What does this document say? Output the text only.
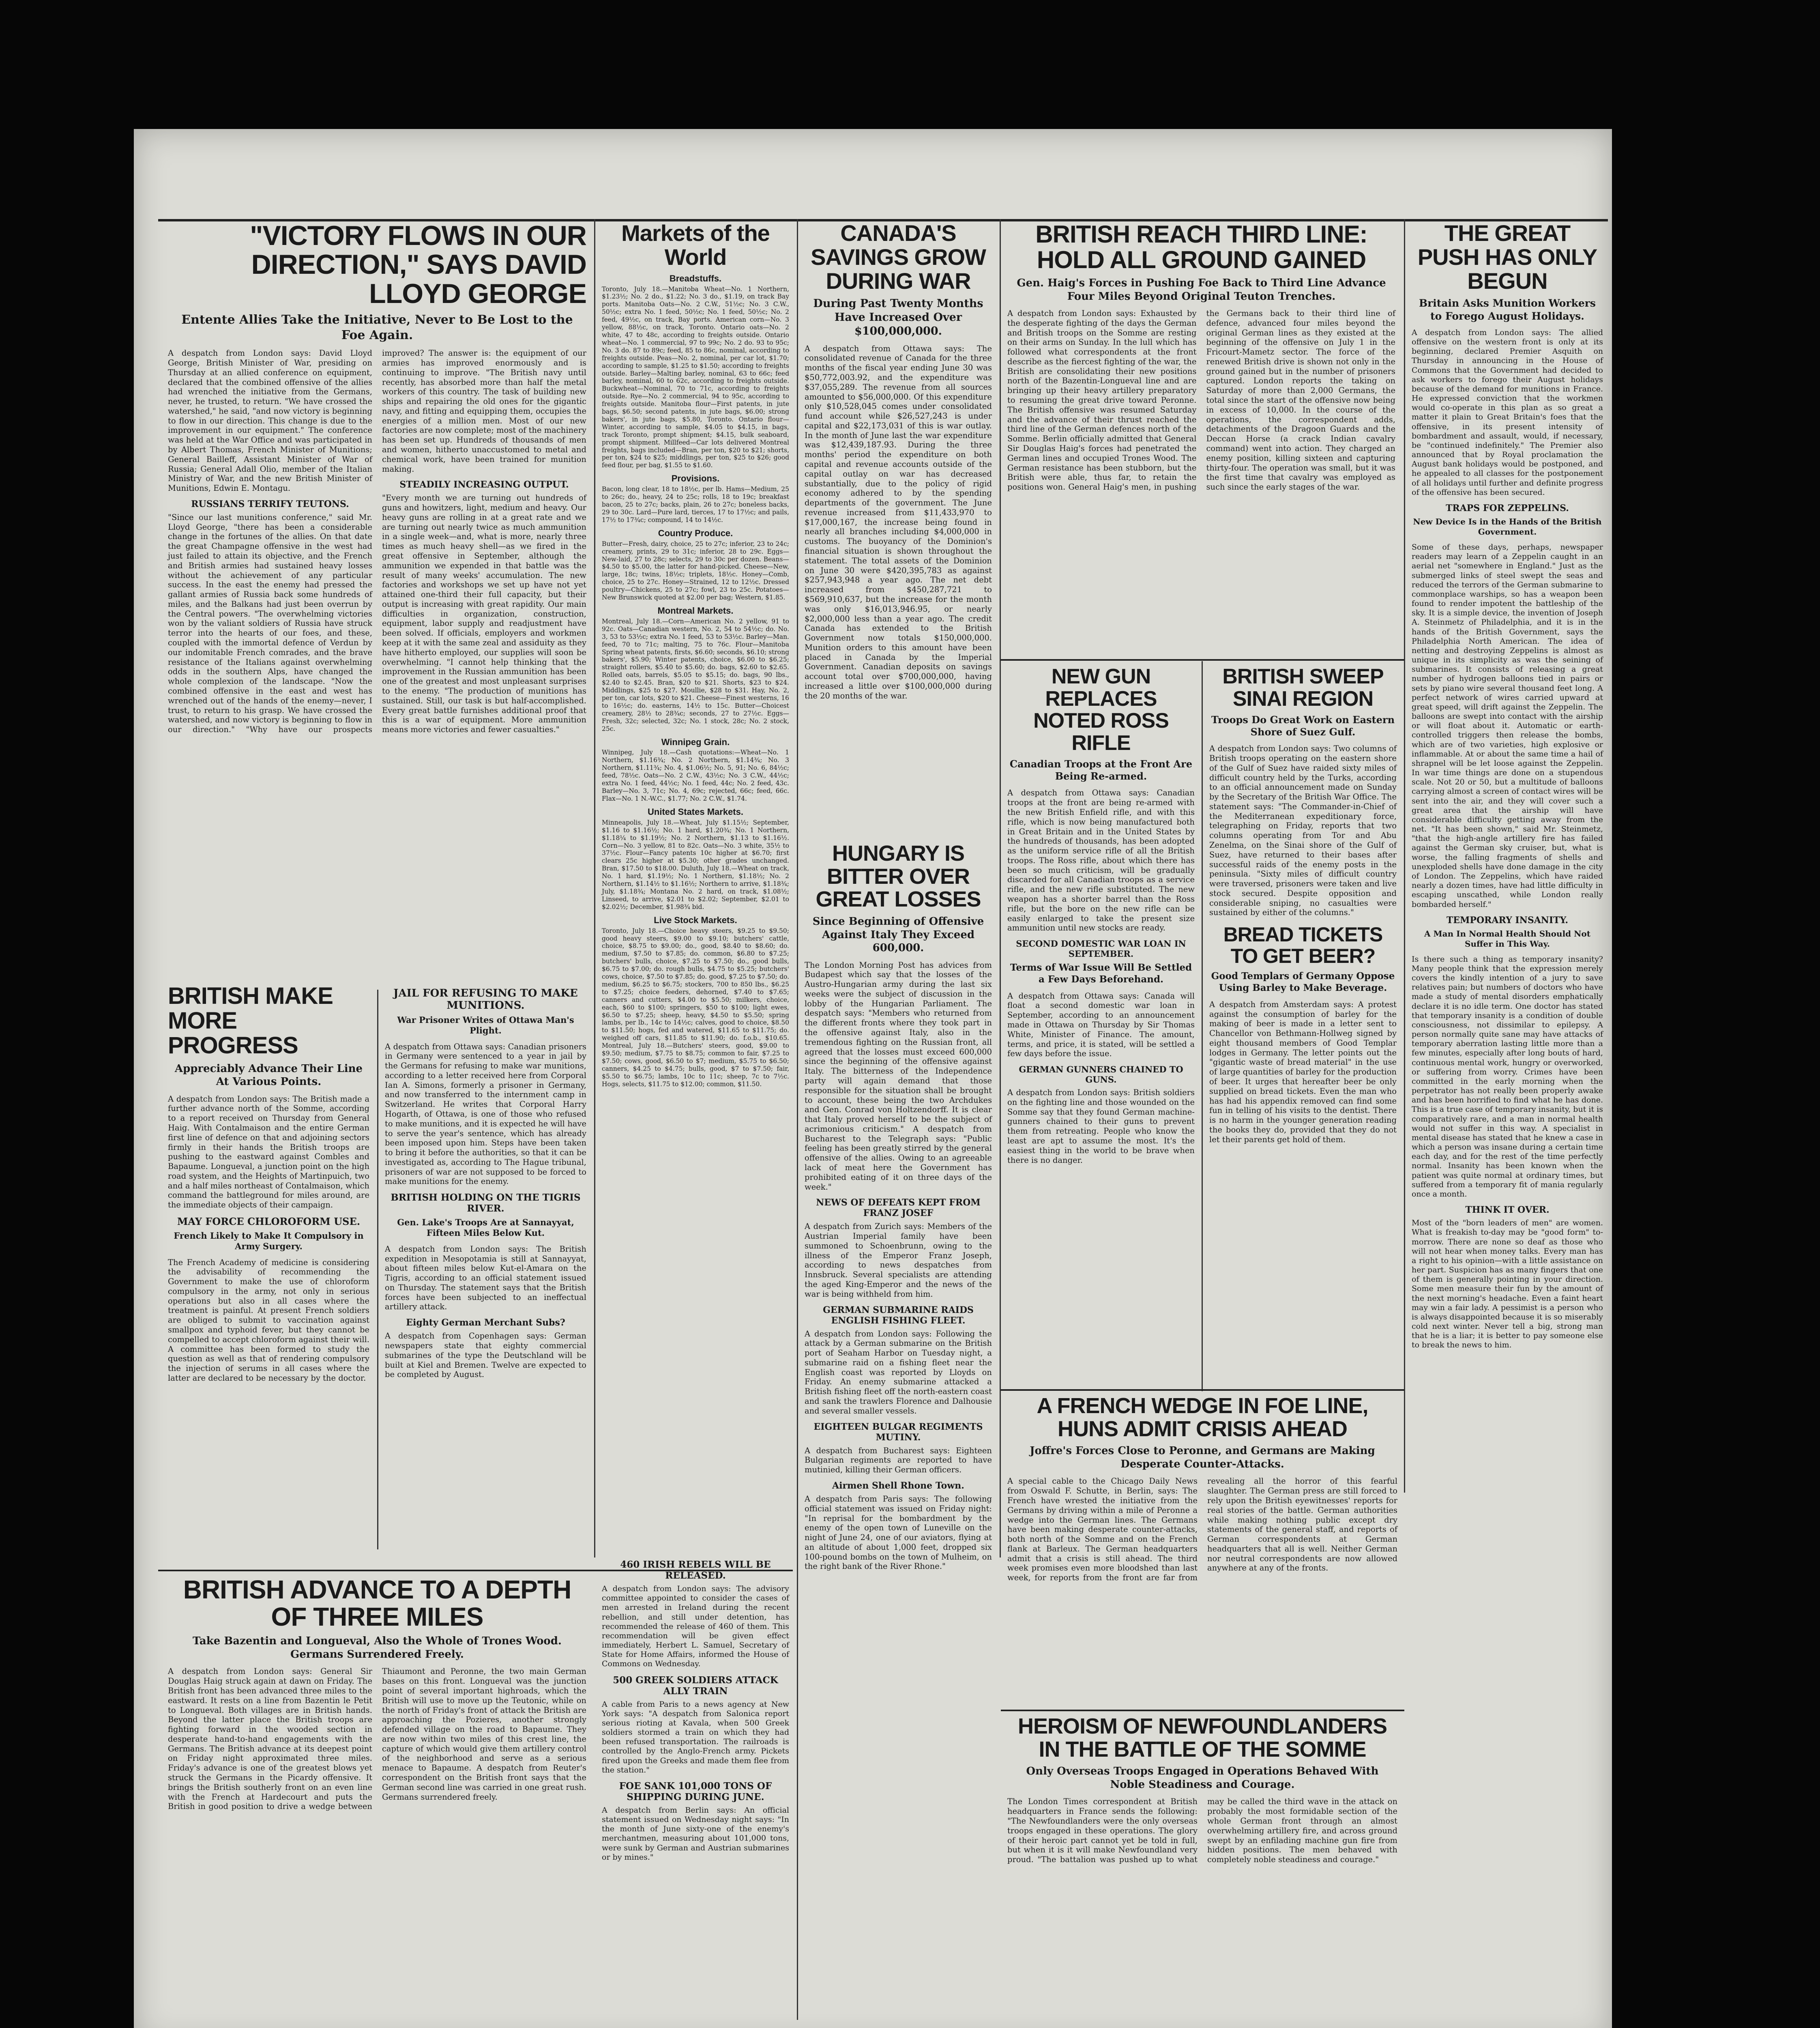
"VICTORY FLOWS IN OUR DIRECTION," SAYS DAVID LLOYD GEORGE
Entente Allies Take the Initiative, Never to Be Lost to the Foe Again.

A despatch from London says: David Lloyd George, British Minister of War, presiding on Thursday at an allied conference on equipment, declared that the combined offensive of the allies had wrenched the initiative from the Germans, never, he trusted, to return. "We have crossed the watershed," he said, "and now victory is beginning to flow in our direction. This change is due to the improvement in our equipment." The conference was held at the War Office and was participated in by Albert Thomas, French Minister of Munitions; General Bailleff, Assistant Minister of War of Russia; General Adall Olio, member of the Italian Ministry of War, and the new British Minister of Munitions, Edwin E. Montagu.

RUSSIANS TERRIFY TEUTONS.

"Since our last munitions conference," said Mr. Lloyd George, "there has been a considerable change in the fortunes of the allies. On that date the great Champagne offensive in the west had just failed to attain its objective, and the French and British armies had sustained heavy losses without the achievement of any particular success. In the east the enemy had pressed the gallant armies of Russia back some hundreds of miles, and the Balkans had just been overrun by the Central powers. "The overwhelming victories won by the valiant soldiers of Russia have struck terror into the hearts of our foes, and these, coupled with the immortal defence of Verdun by our indomitable French comrades, and the brave resistance of the Italians against overwhelming odds in the southern Alps, have changed the whole complexion of the landscape. "Now the combined offensive in the east and west has wrenched out of the hands of the enemy—never, I trust, to return to his grasp. We have crossed the watershed, and now victory is beginning to flow in our direction." "Why have our prospects improved? The answer is: the equipment of our armies has improved enormously and is continuing to improve. "The British navy until recently, has absorbed more than half the metal workers of this country. The task of building new ships and repairing the old ones for the gigantic navy, and fitting and equipping them, occupies the energies of a million men. Most of our new factories are now complete; most of the machinery has been set up. Hundreds of thousands of men and women, hitherto unaccustomed to metal and chemical work, have been trained for munition making.

STEADILY INCREASING OUTPUT.

"Every month we are turning out hundreds of guns and howitzers, light, medium and heavy. Our heavy guns are rolling in at a great rate and we are turning out nearly twice as much ammunition in a single week—and, what is more, nearly three times as much heavy shell—as we fired in the great offensive in September, although the ammunition we expended in that battle was the result of many weeks' accumulation. The new factories and workshops we set up have not yet attained one-third their full capacity, but their output is increasing with great rapidity. Our main difficulties in organization, construction, equipment, labor supply and readjustment have been solved. If officials, employers and workmen keep at it with the same zeal and assiduity as they have hitherto employed, our supplies will soon be overwhelming. "I cannot help thinking that the improvement in the Russian ammunition has been one of the greatest and most unpleasant surprises to the enemy. "The production of munitions has sustained. Still, our task is but half-accomplished. Every great battle furnishes additional proof that this is a war of equipment. More ammunition means more victories and fewer casualties."

Markets of the World
Breadstuffs.

Toronto, July 18.—Manitoba Wheat—No. 1 Northern, $1.23½; No. 2 do., $1.22; No. 3 do., $1.19, on track Bay ports. Manitoba Oats—No. 2 C.W., 51½c; No. 3 C.W., 50½c; extra No. 1 feed, 50½c; No. 1 feed, 50½c; No. 2 feed, 49½c, on track, Bay ports. American corn—No. 3 yellow, 88½c, on track, Toronto. Ontario oats—No. 2 white, 47 to 48c, according to freights outside. Ontario wheat—No. 1 commercial, 97 to 99c; No. 2 do. 93 to 95c; No. 3 do. 87 to 89c; feed, 85 to 86c, nominal, according to freights outside. Peas—No. 2, nominal, per car lot, $1.70; according to sample, $1.25 to $1.50; according to freights outside. Barley—Malting barley, nominal, 63 to 66c; feed barley, nominal, 60 to 62c, according to freights outside. Buckwheat—Nominal, 70 to 71c, according to freights outside. Rye—No. 2 commercial, 94 to 95c, according to freights outside. Manitoba flour—First patents, in jute bags, $6.50; second patents, in jute bags, $6.00; strong bakers', in jute bags, $5.80, Toronto. Ontario flour—Winter, according to sample, $4.05 to $4.15, in bags, track Toronto, prompt shipment; $4.15, bulk seaboard, prompt shipment. Millfeed—Car lots delivered Montreal freights, bags included—Bran, per ton, $20 to $21; shorts, per ton, $24 to $25; middlings, per ton, $25 to $26; good feed flour, per bag, $1.55 to $1.60.

Provisions.

Bacon, long clear, 18 to 18½c, per lb. Hams—Medium, 25 to 26c; do., heavy, 24 to 25c; rolls, 18 to 19c; breakfast bacon, 25 to 27c; backs, plain, 26 to 27c; boneless backs, 29 to 30c. Lard—Pure lard, tierces, 17 to 17½c; and pails, 17½ to 17¾c; compound, 14 to 14½c.

Country Produce.

Butter—Fresh, dairy, choice, 25 to 27c; inferior, 23 to 24c; creamery, prints, 29 to 31c; inferior, 28 to 29c. Eggs—New-laid, 27 to 28c; selects, 29 to 30c per dozen. Beans—$4.50 to $5.00, the latter for hand-picked. Cheese—New, large, 18c; twins, 18½c; triplets, 18½c. Honey—Comb, choice, 25 to 27c. Honey—Strained, 12 to 12½c. Dressed poultry—Chickens, 25 to 27c; fowl, 23 to 25c. Potatoes—New Brunswick quoted at $2.00 per bag; Western, $1.85.

Montreal Markets.

Montreal, July 18.—Corn—American No. 2 yellow, 91 to 92c. Oats—Canadian western, No. 2, 54 to 54½c; do. No. 3, 53 to 53½c; extra No. 1 feed, 53 to 53½c. Barley—Man. feed, 70 to 71c; malting, 75 to 76c. Flour—Manitoba Spring wheat patents, firsts, $6.60; seconds, $6.10; strong bakers', $5.90; Winter patents, choice, $6.00 to $6.25; straight rollers, $5.40 to $5.60; do. bags, $2.60 to $2.65. Rolled oats, barrels, $5.05 to $5.15; do. bags, 90 lbs., $2.40 to $2.45. Bran, $20 to $21. Shorts, $23 to $24. Middlings, $25 to $27. Moullie, $28 to $31. Hay, No. 2, per ton, car lots, $20 to $21. Cheese—Finest westerns, 16 to 16½c; do. easterns, 14½ to 15c. Butter—Choicest creamery, 28½ to 28¾c; seconds, 27 to 27½c. Eggs—Fresh, 32c; selected, 32c; No. 1 stock, 28c; No. 2 stock, 25c.

Winnipeg Grain.

Winnipeg, July 18.—Cash quotations:—Wheat—No. 1 Northern, $1.16¾; No. 2 Northern, $1.14¾; No. 3 Northern, $1.11¾; No. 4, $1.06½; No. 5, 91; No. 6, 84½c; feed, 78½c. Oats—No. 2 C.W., 43½c; No. 3 C.W., 44½c; extra No. 1 feed, 44½c; No. 1 feed, 44c; No. 2 feed, 43c. Barley—No. 3, 71c; No. 4, 69c; rejected, 66c; feed, 66c. Flax—No. 1 N.-W.C., $1.77; No. 2 C.W., $1.74.

United States Markets.

Minneapolis, July 18.—Wheat, July $1.15½; September, $1.16 to $1.16½; No. 1 hard, $1.20¾; No. 1 Northern, $1.18¼ to $1.19½; No. 2 Northern, $1.13 to $1.16½. Corn—No. 3 yellow, 81 to 82c. Oats—No. 3 white, 35½ to 37½c. Flour—Fancy patents 10c higher at $6.70; first clears 25c higher at $5.30; other grades unchanged. Bran, $17.50 to $18.00. Duluth, July 18.—Wheat on track, No. 1 hard, $1.19½; No. 1 Northern, $1.18½; No. 2 Northern, $1.14½ to $1.16½; Northern to arrive, $1.18¾; July, $1.18¾; Montana No. 2 hard, on track, $1.08½; Linseed, to arrive, $2.01 to $2.02; September, $2.01 to $2.02½; December, $1.98¾ bid.

Live Stock Markets.

Toronto, July 18.—Choice heavy steers, $9.25 to $9.50; good heavy steers, $9.00 to $9.10; butchers' cattle, choice, $8.75 to $9.00; do., good, $8.40 to $8.60; do. medium, $7.50 to $7.85; do. common, $6.80 to $7.25; butchers' bulls, choice, $7.25 to $7.50; do., good bulls, $6.75 to $7.00; do. rough bulls, $4.75 to $5.25; butchers' cows, choice, $7.50 to $7.85; do. good, $7.25 to $7.50; do. medium, $6.25 to $6.75; stockers, 700 to 850 lbs., $6.25 to $7.25; choice feeders, dehorned, $7.40 to $7.65; canners and cutters, $4.00 to $5.50; milkers, choice, each, $60 to $100; springers, $50 to $100; light ewes, $6.50 to $7.25; sheep, heavy, $4.50 to $5.50; spring lambs, per lb., 14c to 14½c; calves, good to choice, $8.50 to $11.50; hogs, fed and watered, $11.65 to $11.75; do. weighed off cars, $11.85 to $11.90; do. f.o.b., $10.65. Montreal, July 18.—Butchers' steers, good, $9.00 to $9.50; medium, $7.75 to $8.75; common to fair, $7.25 to $7.50; cows, good, $6.50 to $7; medium, $5.75 to $6.50; canners, $4.25 to $4.75; bulls, good, $7 to $7.50; fair, $5.50 to $6.75; lambs, 10c to 11c; sheep, 7c to 7½c. Hogs, selects, $11.75 to $12.00; common, $11.50.

CANADA'S SAVINGS GROW DURING WAR
During Past Twenty Months Have Increased Over $100,000,000.

A despatch from Ottawa says: The consolidated revenue of Canada for the three months of the fiscal year ending June 30 was $50,772,003.92, and the expenditure was $37,055,289. The revenue from all sources amounted to $56,000,000. Of this expenditure only $10,528,045 comes under consolidated fund account while $26,527,243 is under capital and $22,173,031 of this is war outlay. In the month of June last the war expenditure was $12,439,187.93. During the three months' period the expenditure on both capital and revenue accounts outside of the capital outlay on war has decreased substantially, due to the policy of rigid economy adhered to by the spending departments of the government. The June revenue increased from $11,433,970 to $17,000,167, the increase being found in nearly all branches including $4,000,000 in customs. The buoyancy of the Dominion's financial situation is shown throughout the statement. The total assets of the Dominion on June 30 were $420,395,783 as against $257,943,948 a year ago. The net debt increased from $450,287,721 to $569,910,637, but the increase for the month was only $16,013,946.95, or nearly $2,000,000 less than a year ago. The credit Canada has extended to the British Government now totals $150,000,000. Munition orders to this amount have been placed in Canada by the Imperial Government. Canadian deposits on savings account total over $700,000,000, having increased a little over $100,000,000 during the 20 months of the war.

BRITISH REACH THIRD LINE: HOLD ALL GROUND GAINED
Gen. Haig's Forces in Pushing Foe Back to Third Line Advance Four Miles Beyond Original Teuton Trenches.

A despatch from London says: Exhausted by the desperate fighting of the days the German and British troops on the Somme are resting on their arms on Sunday. In the lull which has followed what correspondents at the front describe as the fiercest fighting of the war, the British are consolidating their new positions north of the Bazentin-Longueval line and are bringing up their heavy artillery preparatory to resuming the great drive toward Peronne. The British offensive was resumed Saturday and the advance of their thrust reached the third line of the German defences north of the Somme. Berlin officially admitted that General Sir Douglas Haig's forces had penetrated the German lines and occupied Trones Wood. The German resistance has been stubborn, but the British were able, thus far, to retain the positions won. General Haig's men, in pushing the Germans back to their third line of defence, advanced four miles beyond the original German lines as they existed at the beginning of the offensive on July 1 in the Fricourt-Mametz sector. The force of the renewed British drive is shown not only in the ground gained but in the number of prisoners captured. London reports the taking on Saturday of more than 2,000 Germans, the total since the start of the offensive now being in excess of 10,000. In the course of the operations, the correspondent adds, detachments of the Dragoon Guards and the Deccan Horse (a crack Indian cavalry command) went into action. They charged an enemy position, killing sixteen and capturing thirty-four. The operation was small, but it was the first time that cavalry was employed as such since the early stages of the war.

THE GREAT PUSH HAS ONLY BEGUN
Britain Asks Munition Workers to Forego August Holidays.

A despatch from London says: The allied offensive on the western front is only at its beginning, declared Premier Asquith on Thursday in announcing in the House of Commons that the Government had decided to ask workers to forego their August holidays because of the demand for munitions in France. He expressed conviction that the workmen would co-operate in this plan as so great a matter it plain to Great Britain's foes that the offensive, in its present intensity of bombardment and assault, would, if necessary, be "continued indefinitely." The Premier also announced that by Royal proclamation the August bank holidays would be postponed, and he appealed to all classes for the postponement of all holidays until further and definite progress of the offensive has been secured.

TRAPS FOR ZEPPELINS.
New Device Is in the Hands of the British Government.

Some of these days, perhaps, newspaper readers may learn of a Zeppelin caught in an aerial net "somewhere in England." Just as the submerged links of steel swept the seas and reduced the terrors of the German submarine to commonplace warships, so has a weapon been found to render impotent the battleship of the sky. It is a simple device, the invention of Joseph A. Steinmetz of Philadelphia, and it is in the hands of the British Government, says the Philadelphia North American. The idea of netting and destroying Zeppelins is almost as unique in its simplicity as was the seining of submarines. It consists of releasing a great number of hydrogen balloons tied in pairs or sets by piano wire several thousand feet long. A perfect network of wires carried upward at great speed, will drift against the Zeppelin. The balloons are swept into contact with the airship or will float about it. Automatic or earth-controlled triggers then release the bombs, which are of two varieties, high explosive or inflammable. At or about the same time a hail of shrapnel will be let loose against the Zeppelin. In war time things are done on a stupendous scale. Not 20 or 50, but a multitude of balloons carrying almost a screen of contact wires will be sent into the air, and they will cover such a great area that the airship will have considerable difficulty getting away from the net. "It has been shown," said Mr. Steinmetz, "that the high-angle artillery fire has failed against the German sky cruiser, but, what is worse, the falling fragments of shells and unexploded shells have done damage in the city of London. The Zeppelins, which have raided nearly a dozen times, have had little difficulty in escaping unscathed, while London really bombarded herself."

TEMPORARY INSANITY.
A Man In Normal Health Should Not Suffer in This Way.

Is there such a thing as temporary insanity? Many people think that the expression merely covers the kindly intention of a jury to save relatives pain; but numbers of doctors who have made a study of mental disorders emphatically declare it is no idle term. One doctor has stated that temporary insanity is a condition of double consciousness, not dissimilar to epilepsy. A person normally quite sane may have attacks of temporary aberration lasting little more than a few minutes, especially after long bouts of hard, continuous mental work, hungry or overworked, or suffering from worry. Crimes have been committed in the early morning when the perpetrator has not really been properly awake and has been horrified to find what he has done. This is a true case of temporary insanity, but it is comparatively rare, and a man in normal health would not suffer in this way. A specialist in mental disease has stated that he knew a case in which a person was insane during a certain time each day, and for the rest of the time perfectly normal. Insanity has been known when the patient was quite normal at ordinary times, but suffered from a temporary fit of mania regularly once a month.

THINK IT OVER.

Most of the "born leaders of men" are women. What is freakish to-day may be "good form" to-morrow. There are none so deaf as those who will not hear when money talks. Every man has a right to his opinion—with a little assistance on her part. Suspicion has as many fingers that one of them is generally pointing in your direction. Some men measure their fun by the amount of the next morning's headache. Even a faint heart may win a fair lady. A pessimist is a person who is always disappointed because it is so miserably cold next winter. Never tell a big, strong man that he is a liar; it is better to pay someone else to break the news to him.

BRITISH MAKE MORE PROGRESS
Appreciably Advance Their Line At Various Points.

A despatch from London says: The British made a further advance north of the Somme, according to a report received on Thursday from General Haig. With Contalmaison and the entire German first line of defence on that and adjoining sectors firmly in their hands the British troops are pushing to the eastward against Combles and Bapaume. Longueval, a junction point on the high road system, and the Heights of Martinpuich, two and a half miles northeast of Contalmaison, which command the battleground for miles around, are the immediate objects of their campaign.

MAY FORCE CHLOROFORM USE.
French Likely to Make It Compulsory in Army Surgery.

The French Academy of medicine is considering the advisability of recommending the Government to make the use of chloroform compulsory in the army, not only in serious operations but also in all cases where the treatment is painful. At present French soldiers are obliged to submit to vaccination against smallpox and typhoid fever, but they cannot be compelled to accept chloroform against their will. A committee has been formed to study the question as well as that of rendering compulsory the injection of serums in all cases where the latter are declared to be necessary by the doctor.

JAIL FOR REFUSING TO MAKE MUNITIONS.
War Prisoner Writes of Ottawa Man's Plight.

A despatch from Ottawa says: Canadian prisoners in Germany were sentenced to a year in jail by the Germans for refusing to make war munitions, according to a letter received here from Corporal Ian A. Simons, formerly a prisoner in Germany, and now transferred to the internment camp in Switzerland. He writes that Corporal Harry Hogarth, of Ottawa, is one of those who refused to make munitions, and it is expected he will have to serve the year's sentence, which has already been imposed upon him. Steps have been taken to bring it before the authorities, so that it can be investigated as, according to The Hague tribunal, prisoners of war are not supposed to be forced to make munitions for the enemy.

BRITISH HOLDING ON THE TIGRIS RIVER.
Gen. Lake's Troops Are at Sannayyat, Fifteen Miles Below Kut.

A despatch from London says: The British expedition in Mesopotamia is still at Sannayyat, about fifteen miles below Kut-el-Amara on the Tigris, according to an official statement issued on Thursday. The statement says that the British forces have been subjected to an ineffectual artillery attack.

Eighty German Merchant Subs?

A despatch from Copenhagen says: German newspapers state that eighty commercial submarines of the type the Deutschland will be built at Kiel and Bremen. Twelve are expected to be completed by August.

BRITISH ADVANCE TO A DEPTH OF THREE MILES
Take Bazentin and Longueval, Also the Whole of Trones Wood. Germans Surrendered Freely.

A despatch from London says: General Sir Douglas Haig struck again at dawn on Friday. The British front has been advanced three miles to the eastward. It rests on a line from Bazentin le Petit to Longueval. Both villages are in British hands. Beyond the latter place the British troops are fighting forward in the wooded section in desperate hand-to-hand engagements with the Germans. The British advance at its deepest point on Friday night approximated three miles. Friday's advance is one of the greatest blows yet struck the Germans in the Picardy offensive. It brings the British southerly front on an even line with the French at Hardecourt and puts the British in good position to drive a wedge between Thiaumont and Peronne, the two main German bases on this front. Longueval was the junction point of several important highroads, which the British will use to move up the Teutonic, while on the north of Friday's front of attack the British are approaching the Pozieres, another strongly defended village on the road to Bapaume. They are now within two miles of this crest line, the capture of which would give them artillery control of the neighborhood and serve as a serious menace to Bapaume. A despatch from Reuter's correspondent on the British front says that the German second line was carried in one great rush. Germans surrendered freely.

460 IRISH REBELS WILL BE RELEASED.

A despatch from London says: The advisory committee appointed to consider the cases of men arrested in Ireland during the recent rebellion, and still under detention, has recommended the release of 460 of them. This recommendation will be given effect immediately, Herbert L. Samuel, Secretary of State for Home Affairs, informed the House of Commons on Wednesday.

500 GREEK SOLDIERS ATTACK ALLY TRAIN

A cable from Paris to a news agency at New York says: "A despatch from Salonica report serious rioting at Kavala, when 500 Greek soldiers stormed a train on which they had been refused transportation. The railroads is controlled by the Anglo-French army. Pickets fired upon the Greeks and made them flee from the station."

FOE SANK 101,000 TONS OF SHIPPING DURING JUNE.

A despatch from Berlin says: An official statement issued on Wednesday night says: "In the month of June sixty-one of the enemy's merchantmen, measuring about 101,000 tons, were sunk by German and Austrian submarines or by mines."

HUNGARY IS BITTER OVER GREAT LOSSES
Since Beginning of Offensive Against Italy They Exceed 600,000.

The London Morning Post has advices from Budapest which say that the losses of the Austro-Hungarian army during the last six weeks were the subject of discussion in the lobby of the Hungarian Parliament. The despatch says: "Members who returned from the different fronts where they took part in the offensive against Italy, also in the tremendous fighting on the Russian front, all agreed that the losses must exceed 600,000 since the beginning of the offensive against Italy. The bitterness of the Independence party will again demand that those responsible for the situation shall be brought to account, these being the two Archdukes and Gen. Conrad von Holtzendorff. It is clear that Italy proved herself to be the subject of acrimonious criticism." A despatch from Bucharest to the Telegraph says: "Public feeling has been greatly stirred by the general offensive of the allies. Owing to an agreeable lack of meat here the Government has prohibited eating of it on three days of the week."

NEWS OF DEFEATS KEPT FROM FRANZ JOSEF

A despatch from Zurich says: Members of the Austrian Imperial family have been summoned to Schoenbrunn, owing to the illness of the Emperor Franz Joseph, according to news despatches from Innsbruck. Several specialists are attending the aged King-Emperor and the news of the war is being withheld from him.

GERMAN SUBMARINE RAIDS ENGLISH FISHING FLEET.

A despatch from London says: Following the attack by a German submarine on the British port of Seaham Harbor on Tuesday night, a submarine raid on a fishing fleet near the English coast was reported by Lloyds on Friday. An enemy submarine attacked a British fishing fleet off the north-eastern coast and sank the trawlers Florence and Dalhousie and several smaller vessels.

EIGHTEEN BULGAR REGIMENTS MUTINY.

A despatch from Bucharest says: Eighteen Bulgarian regiments are reported to have mutinied, killing their German officers.

Airmen Shell Rhone Town.

A despatch from Paris says: The following official statement was issued on Friday night: "In reprisal for the bombardment by the enemy of the open town of Luneville on the night of June 24, one of our aviators, flying at an altitude of about 1,000 feet, dropped six 100-pound bombs on the town of Mulheim, on the right bank of the River Rhone."

NEW GUN REPLACES NOTED ROSS RIFLE
Canadian Troops at the Front Are Being Re-armed.

A despatch from Ottawa says: Canadian troops at the front are being re-armed with the new British Enfield rifle, and with this rifle, which is now being manufactured both in Great Britain and in the United States by the hundreds of thousands, has been adopted as the uniform service rifle of all the British troops. The Ross rifle, about which there has been so much criticism, will be gradually discarded for all Canadian troops as a service rifle, and the new rifle substituted. The new weapon has a shorter barrel than the Ross rifle, but the bore on the new rifle can be easily enlarged to take the present size ammunition until new stocks are ready.

SECOND DOMESTIC WAR LOAN IN SEPTEMBER.
Terms of War Issue Will Be Settled a Few Days Beforehand.

A despatch from Ottawa says: Canada will float a second domestic war loan in September, according to an announcement made in Ottawa on Thursday by Sir Thomas White, Minister of Finance. The amount, terms, and price, it is stated, will be settled a few days before the issue.

GERMAN GUNNERS CHAINED TO GUNS.

A despatch from London says: British soldiers on the fighting line and those wounded on the Somme say that they found German machine-gunners chained to their guns to prevent them from retreating. People who know the least are apt to assume the most. It's the easiest thing in the world to be brave when there is no danger.

BRITISH SWEEP SINAI REGION
Troops Do Great Work on Eastern Shore of Suez Gulf.

A despatch from London says: Two columns of British troops operating on the eastern shore of the Gulf of Suez have raided sixty miles of difficult country held by the Turks, according to an official announcement made on Sunday by the Secretary of the British War Office. The statement says: "The Commander-in-Chief of the Mediterranean expeditionary force, telegraphing on Friday, reports that two columns operating from Tor and Abu Zenelma, on the Sinai shore of the Gulf of Suez, have returned to their bases after successful raids of the enemy posts in the peninsula. "Sixty miles of difficult country were traversed, prisoners were taken and live stock secured. Despite opposition and considerable sniping, no casualties were sustained by either of the columns."

BREAD TICKETS TO GET BEER?
Good Templars of Germany Oppose Using Barley to Make Beverage.

A despatch from Amsterdam says: A protest against the consumption of barley for the making of beer is made in a letter sent to Chancellor von Bethmann-Hollweg signed by eight thousand members of Good Templar lodges in Germany. The letter points out the "gigantic waste of bread material" in the use of large quantities of barley for the production of beer. It urges that hereafter beer be only supplied on bread tickets. Even the man who has had his appendix removed can find some fun in telling of his visits to the dentist. There is no harm in the younger generation reading the books they do, provided that they do not let their parents get hold of them.

A FRENCH WEDGE IN FOE LINE, HUNS ADMIT CRISIS AHEAD
Joffre's Forces Close to Peronne, and Germans are Making Desperate Counter-Attacks.

A special cable to the Chicago Daily News from Oswald F. Schutte, in Berlin, says: The French have wrested the initiative from the Germans by driving within a mile of Peronne a wedge into the German lines. The Germans have been making desperate counter-attacks, both north of the Somme and on the French flank at Barleux. The German headquarters admit that a crisis is still ahead. The third week promises even more bloodshed than last week, for reports from the front are far from revealing all the horror of this fearful slaughter. The German press are still forced to rely upon the British eyewitnesses' reports for real stories of the battle. German authorities while making nothing public except dry statements of the general staff, and reports of German correspondents at German headquarters that all is well. Neither German nor neutral correspondents are now allowed anywhere at any of the fronts.

HEROISM OF NEWFOUNDLANDERS IN THE BATTLE OF THE SOMME
Only Overseas Troops Engaged in Operations Behaved With Noble Steadiness and Courage.

The London Times correspondent at British headquarters in France sends the following: "The Newfoundlanders were the only overseas troops engaged in these operations. The glory of their heroic part cannot yet be told in full, but when it is it will make Newfoundland very proud. "The battalion was pushed up to what may be called the third wave in the attack on probably the most formidable section of the whole German front through an almost overwhelming artillery fire, and across ground swept by an enfilading machine gun fire from hidden positions. The men behaved with completely noble steadiness and courage."
